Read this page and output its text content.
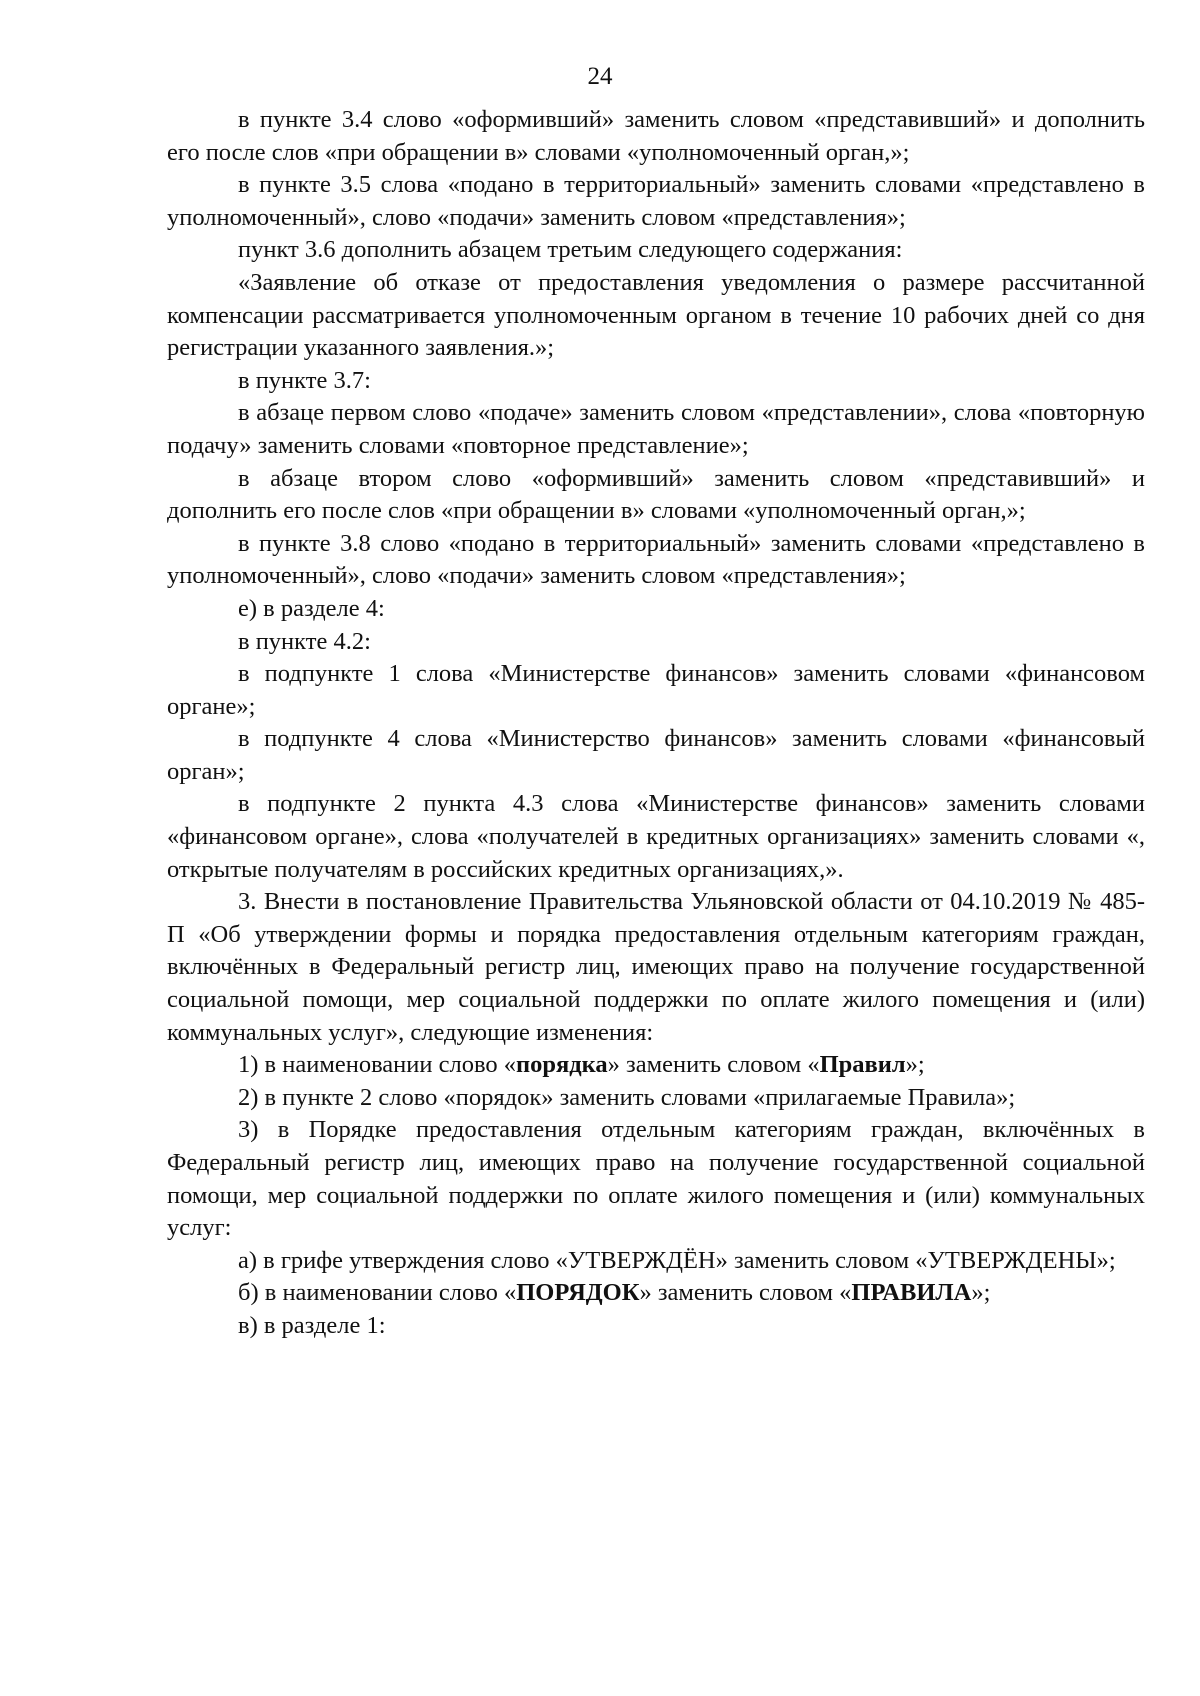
24

в пункте 3.4 слово «оформивший» заменить словом «представивший» и дополнить его после слов «при обращении в» словами «уполномоченный орган,»;

в пункте 3.5 слова «подано в территориальный» заменить словами «представлено в уполномоченный», слово «подачи» заменить словом «представления»;

пункт 3.6 дополнить абзацем третьим следующего содержания:

«Заявление об отказе от предоставления уведомления о размере рассчитанной компенсации рассматривается уполномоченным органом в течение 10 рабочих дней со дня регистрации указанного заявления.»;

в пункте 3.7:

в абзаце первом слово «подаче» заменить словом «представлении», слова «повторную подачу» заменить словами «повторное представление»;

в абзаце втором слово «оформивший» заменить словом «представивший» и дополнить его после слов «при обращении в» словами «уполномоченный орган,»;

в пункте 3.8 слово «подано в территориальный» заменить словами «представлено в уполномоченный», слово «подачи» заменить словом «представления»;

е) в разделе 4:

в пункте 4.2:

в подпункте 1 слова «Министерстве финансов» заменить словами «финансовом органе»;

в подпункте 4 слова «Министерство финансов» заменить словами «финансовый орган»;

в подпункте 2 пункта 4.3 слова «Министерстве финансов» заменить словами «финансовом органе», слова «получателей в кредитных организациях» заменить словами «, открытые получателям в российских кредитных организациях,».

3. Внести в постановление Правительства Ульяновской области от 04.10.2019 № 485-П «Об утверждении формы и порядка предоставления отдельным категориям граждан, включённых в Федеральный регистр лиц, имеющих право на получение государственной социальной помощи, мер социальной поддержки по оплате жилого помещения и (или) коммунальных услуг», следующие изменения:

1) в наименовании слово «порядка» заменить словом «Правил»;

2) в пункте 2 слово «порядок» заменить словами «прилагаемые Правила»;

3) в Порядке предоставления отдельным категориям граждан, включённых в Федеральный регистр лиц, имеющих право на получение государственной социальной помощи, мер социальной поддержки по оплате жилого помещения и (или) коммунальных услуг:

а) в грифе утверждения слово «УТВЕРЖДЁН» заменить словом «УТВЕРЖДЕНЫ»;

б) в наименовании слово «ПОРЯДОК» заменить словом «ПРАВИЛА»;

в) в разделе 1:
